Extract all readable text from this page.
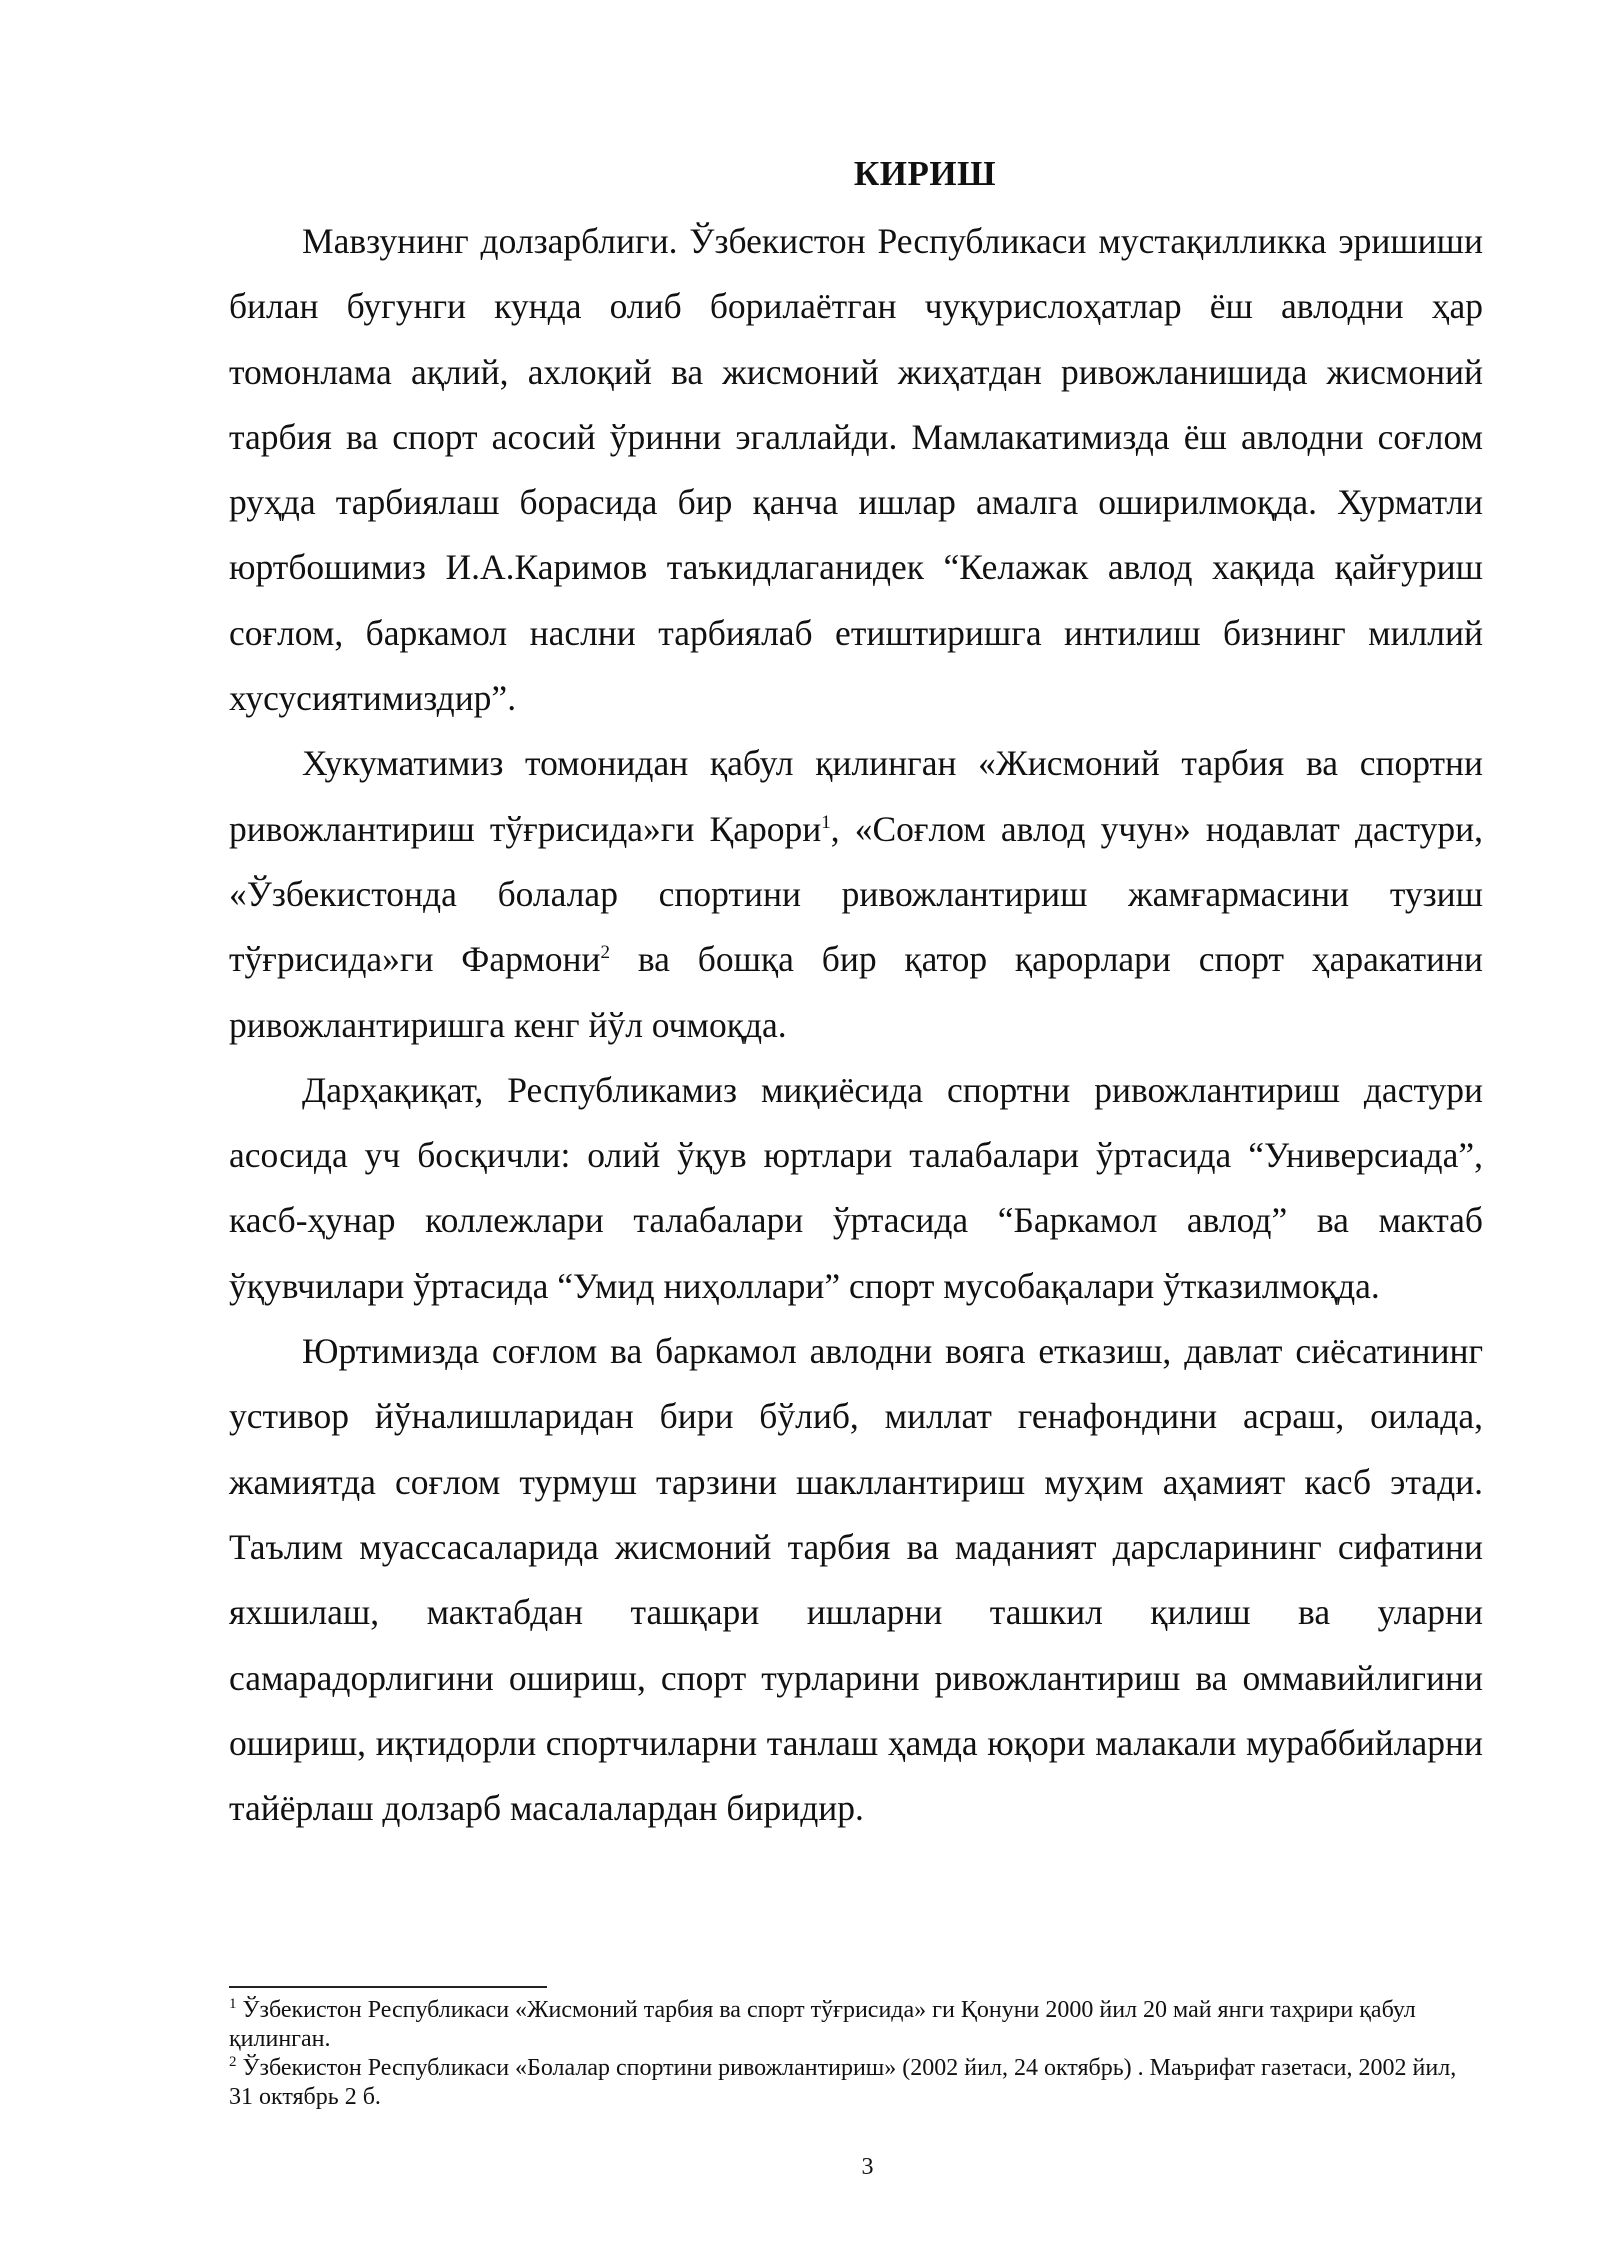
КИРИШ

Мавзунинг долзарблиги. Ўзбекистон Республикаси мустақилликка эришиши билан бугунги кунда олиб борилаётган чуқурислоҳатлар ёш авлодни ҳар томонлама ақлий, ахлоқий ва жисмоний жиҳатдан ривожланишида жисмоний тарбия ва спорт асосий ўринни эгаллайди. Мамлакатимизда ёш авлодни соғлом руҳда тарбиялаш борасида бир қанча ишлар амалга оширилмоқда. Хурматли юртбошимиз И.А.Каримов таъкидлаганидек “Келажак авлод хақида қайғуриш соғлом, баркамол наслни тарбиялаб етиштиришга интилиш бизнинг миллий хусусиятимиздир”.

Хукуматимиз томонидан қабул қилинган «Жисмоний тарбия ва спортни ривожлантириш тўғрисида»ги Қарори$^1$, «Соғлом авлод учун» нодавлат дастури, «Ўзбекистонда болалар спортини ривожлантириш жамғармасини тузиш тўғрисида»ги Фармони$^2$ ва бошқа бир қатор қарорлари спорт ҳаракатини ривожлантиришга кенг йўл очмоқда.

Дарҳақиқат, Республикамиз миқиёсида спортни ривожлантириш дастури асосида уч босқичли: олий ўқув юртлари талабалари ўртасида “Универсиада”, касб-ҳунар коллежлари талабалари ўртасида “Баркамол авлод” ва мактаб ўқувчилари ўртасида “Умид ниҳоллари” спорт мусобақалари ўтказилмоқда.

Юртимизда соғлом ва баркамол авлодни вояга етказиш, давлат сиёсатининг устивор йўналишларидан бири бўлиб, миллат генафондини асраш, оилада, жамиятда соғлом турмуш тарзини шакллантириш муҳим аҳамият касб этади. Таълим муассасаларида жисмоний тарбия ва маданият дарсларининг сифатини яхшилаш, мактабдан ташқари ишларни ташкил қилиш ва уларни самарадорлигини ошириш, спорт турларини ривожлантириш ва оммавийлигини ошириш, иқтидорли спортчиларни танлаш ҳамда юқори малакали мураббийларни тайёрлаш долзарб масалалардан биридир.

$^1$ Ўзбекистон Республикаси «Жисмоний тарбия ва спорт тўғрисида» ги Қонуни 2000 йил 20 май янги таҳрири қабул қилинган.

$^2$ Ўзбекистон Республикаси «Болалар спортини ривожлантириш» (2002 йил, 24 октябрь) . Маърифат газетаси, 2002 йил, 31 октябрь 2 б.

3
